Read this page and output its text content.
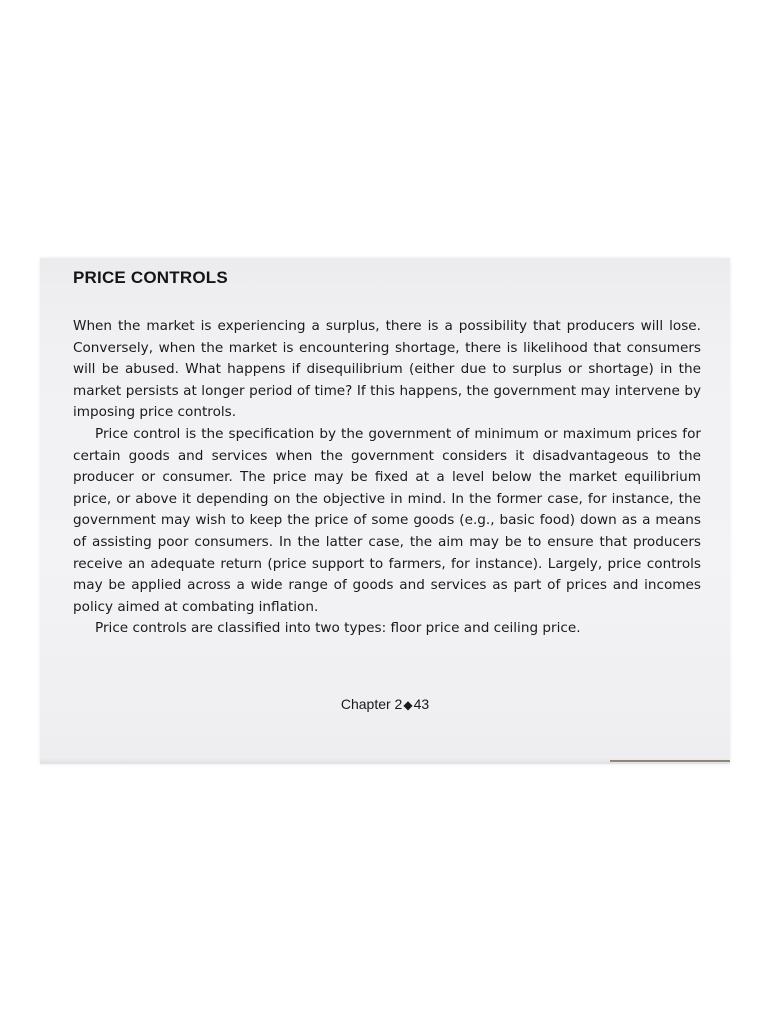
PRICE CONTROLS

When the market is experiencing a surplus, there is a possibility that producers will lose. Conversely, when the market is encountering shortage, there is likelihood that consumers will be abused. What happens if disequilibrium (either due to surplus or shortage) in the market persists at longer period of time? If this happens, the government may intervene by imposing price controls.

Price control is the specification by the government of minimum or maximum prices for certain goods and services when the government considers it disadvantageous to the producer or consumer. The price may be fixed at a level below the market equilibrium price, or above it depending on the objective in mind. In the former case, for instance, the government may wish to keep the price of some goods (e.g., basic food) down as a means of assisting poor consumers. In the latter case, the aim may be to ensure that producers receive an adequate return (price support to farmers, for instance). Largely, price controls may be applied across a wide range of goods and services as part of prices and incomes policy aimed at combating inflation.

Price controls are classified into two types: floor price and ceiling price.

Chapter 2◆43
